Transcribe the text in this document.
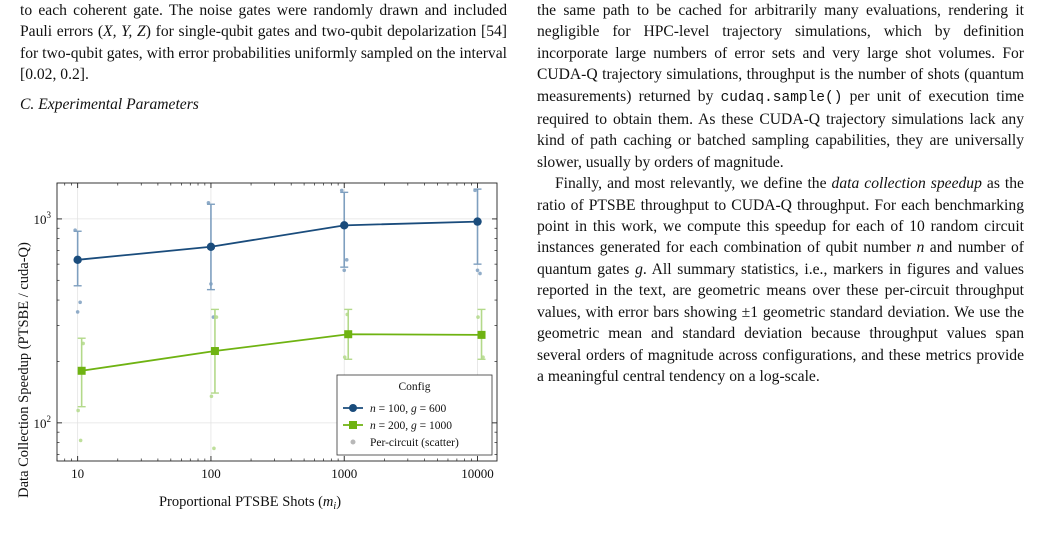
to each coherent gate. The noise gates were randomly drawn and included Pauli errors (X, Y, Z) for single-qubit gates and two-qubit depolarization [54] for two-qubit gates, with error probabilities uniformly sampled on the interval [0.02, 0.2].

C. Experimental Parameters

the same path to be cached for arbitrarily many evaluations, rendering it negligible for HPC-level trajectory simulations, which by definition incorporate large numbers of error sets and very large shot volumes. For CUDA-Q trajectory simulations, throughput is the number of shots (quantum measurements) returned by cudaq.sample() per unit of execution time required to obtain them. As these CUDA-Q trajectory simulations lack any kind of path caching or batched sampling capabilities, they are universally slower, usually by orders of magnitude.

Finally, and most relevantly, we define the data collection speedup as the ratio of PTSBE throughput to CUDA-Q throughput. For each benchmarking point in this work, we compute this speedup for each of 10 random circuit instances generated for each combination of qubit number n and number of quantum gates g. All summary statistics, i.e., markers in figures and values reported in the text, are geometric means over these per-circuit throughput values, with error bars showing ±1 geometric standard deviation. We use the geometric mean and standard deviation because throughput values span several orders of magnitude across configurations, and these metrics provide a meaningful central tendency on a log-scale.

10	100	1000	10000
$10^2$
$10^3$
Data Collection Speedup (PTSBE / cuda-Q)
Proportional PTSBE Shots $(m_i)$
Config
n = 100, g = 600
n = 200, g = 1000
Per-circuit (scatter)
